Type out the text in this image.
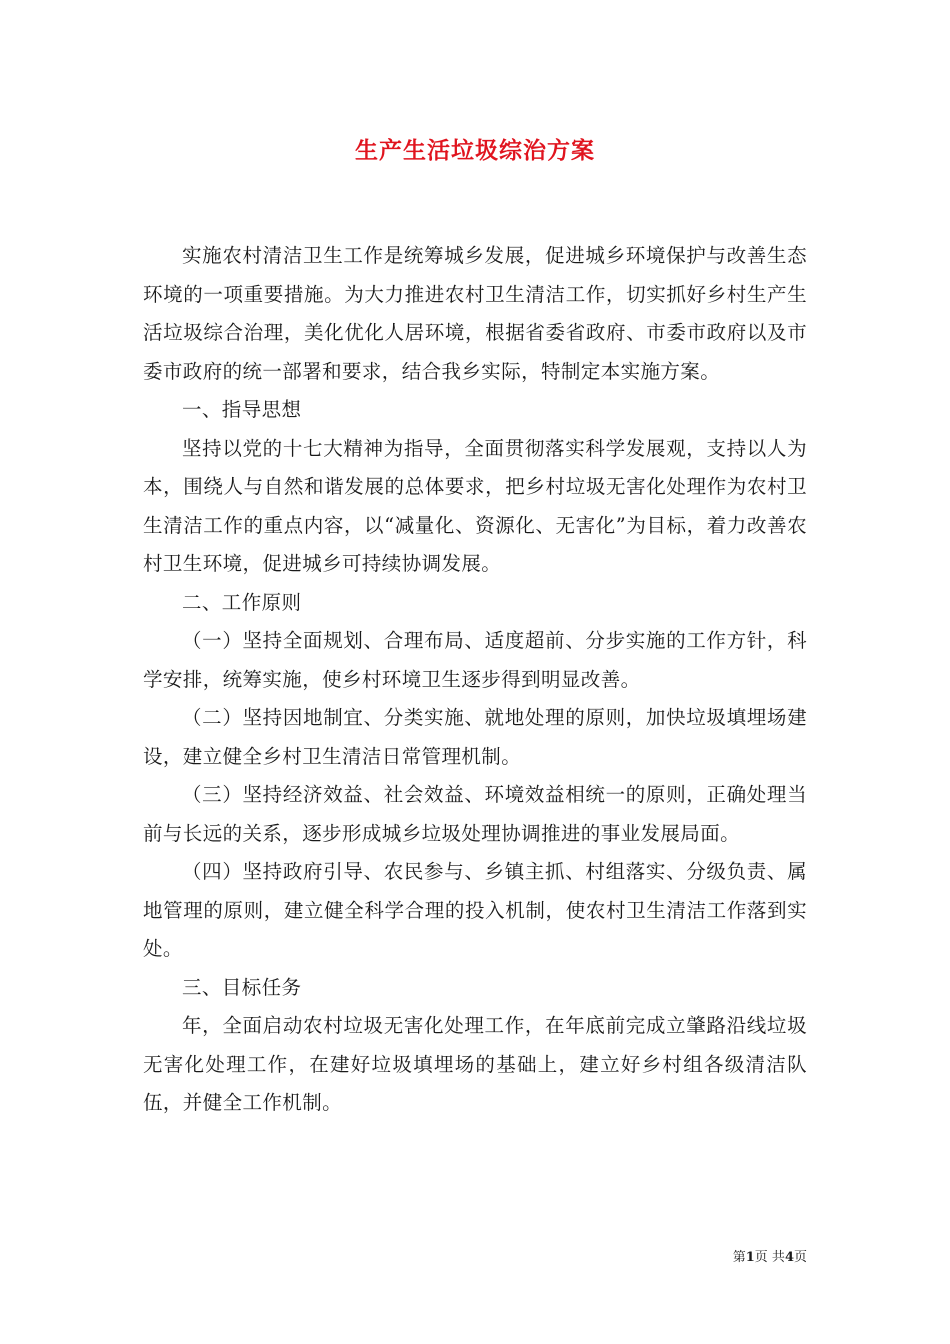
生产生活垃圾综治方案

实施农村清洁卫生工作是统筹城乡发展，促进城乡环境保护与改善生态环境的一项重要措施。为大力推进农村卫生清洁工作，切实抓好乡村生产生活垃圾综合治理，美化优化人居环境，根据省委省政府、市委市政府以及市委市政府的统一部署和要求，结合我乡实际，特制定本实施方案。

一、指导思想

坚持以党的十七大精神为指导，全面贯彻落实科学发展观，支持以人为本，围绕人与自然和谐发展的总体要求，把乡村垃圾无害化处理作为农村卫生清洁工作的重点内容，以“减量化、资源化、无害化”为目标，着力改善农村卫生环境，促进城乡可持续协调发展。

二、工作原则

（一）坚持全面规划、合理布局、适度超前、分步实施的工作方针，科学安排，统筹实施，使乡村环境卫生逐步得到明显改善。

（二）坚持因地制宜、分类实施、就地处理的原则，加快垃圾填埋场建设，建立健全乡村卫生清洁日常管理机制。

（三）坚持经济效益、社会效益、环境效益相统一的原则，正确处理当前与长远的关系，逐步形成城乡垃圾处理协调推进的事业发展局面。

（四）坚持政府引导、农民参与、乡镇主抓、村组落实、分级负责、属地管理的原则，建立健全科学合理的投入机制，使农村卫生清洁工作落到实处。

三、目标任务

年，全面启动农村垃圾无害化处理工作，在年底前完成立肇路沿线垃圾无害化处理工作，在建好垃圾填埋场的基础上，建立好乡村组各级清洁队伍，并健全工作机制。

第1页 共4页
